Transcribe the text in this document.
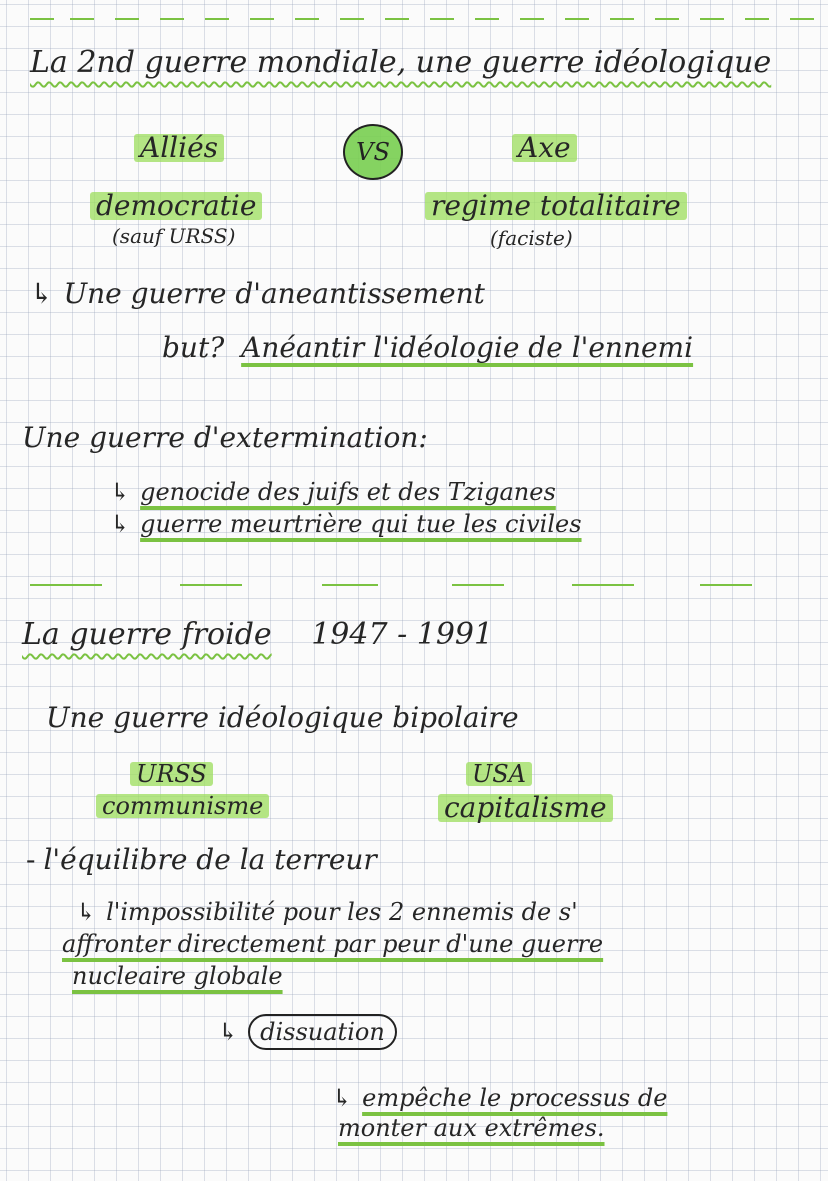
La 2nd guerre mondiale, une guerre idéologique
Alliés	VS	Axe
democratie
(sauf URSS)
regime totalitaire
(faciste)
↳ Une guerre d'aneantissement
but? Anéantir l'idéologie de l'ennemi
Une guerre d'extermination:
↳ genocide des juifs et des Tziganes
↳ guerre meurtrière qui tue les civiles
La guerre froide 1947 - 1991
Une guerre idéologique bipolaire
URSS
communisme
USA
capitalisme
- l'équilibre de la terreur
↳ l'impossibilité pour les 2 ennemis de s'
affronter directement par peur d'une guerre
nucleaire globale
↳ dissuation
↳ empêche le processus de
monter aux extrêmes.
